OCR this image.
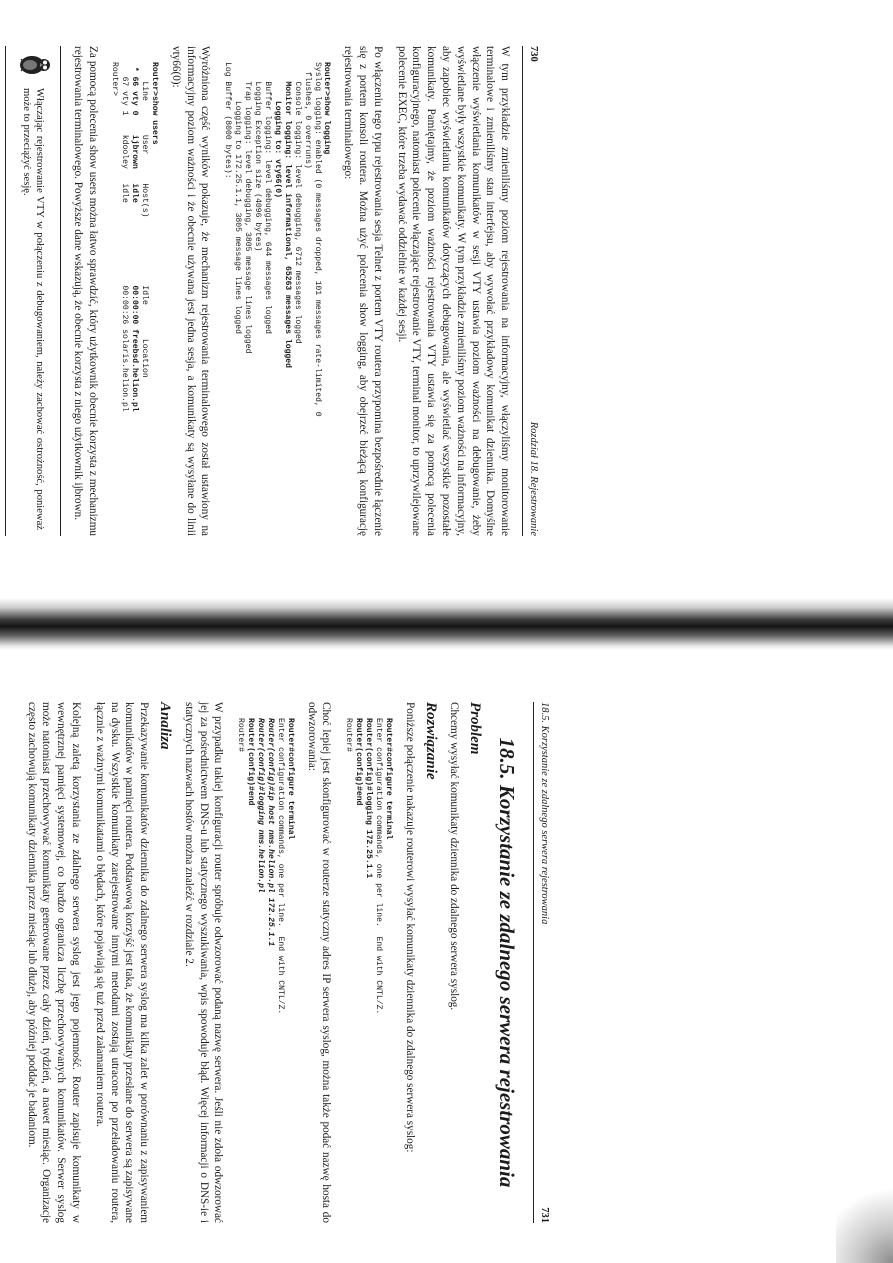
730
Rozdział 18. Rejestrowanie

W tym przykładzie zmieniliśmy poziom rejestrowania na informacyjny, włączyliśmy monitorowanie terminalowe i zmieniliśmy stan interfejsu, aby wywołać przykładowy komunikat dziennika. Domyślne włączenie wyświetlania komunikatów w sesji VTY ustawia poziom ważności na debugowanie, żeby wyświetlane były wszystkie komunikaty. W tym przykładzie zmieniliśmy poziom ważności na informacyjny, aby zapobiec wyświetlaniu komunikatów dotyczących debugowania, ale wyświetlać wszystkie pozostałe komunikaty. Pamiętajmy, że poziom ważności rejestrowania VTY ustawia się za pomocą polecenia konfiguracyjnego, natomiast polecenie włączające rejestrowanie VTY, terminal monitor, to uprzywilejowane polecenie EXEC, które trzeba wydawać oddzielnie w każdej sesji.

Po włączeniu tego typu rejestrowania sesja Telnet z portem VTY routera przypomina bezpośrednie łączenie się z portem konsoli routera. Można użyć polecenia show logging, aby obejrzeć bieżącą konfigurację rejestrowania terminalowego:

Router>show logging
Syslog logging: enabled (0 messages dropped, 101 messages rate-limited, 0
flushes, 0 overruns)
Console logging: level debugging, 6712 messages logged
Monitor logging: level informational, 65263 messages logged
Logging to: vty66(0)
Buffer logging: level debugging, 644 messages logged
Logging Exception size (4096 bytes)
Trap logging: level debugging, 3805 message lines logged
Logging to 172.25.1.1, 3805 message lines logged
Log Buffer (8000 bytes):

Wyróżniona część wyników pokazuje, że mechanizm rejestrowania terminalowego został ustawiony na informacyjny poziom ważności i że obecnie używana jest jedna sesja, a komunikaty są wysyłane do linii vty66(0):

Router>show users
Line       User      Host(s)              Idle       Location
* 66 vty 0    ijbrown   idle                 00:00:00 freebsd.helion.pl
67 vty 1    kdooley   idle                 00:00:26 solaris.helion.pl
Router>

Za pomocą polecenia show users można łatwo sprawdzić, który użytkownik obecnie korzysta z mechanizmu rejestrowania terminalowego. Powyższe dane wskazują, że obecnie korzysta z niego użytkownik ijbrown.

Włączając rejestrowanie VTY w połączeniu z debugowaniem, należy zachować ostrożność, ponieważ może to przeciążyć sesję.

18.5. Korzystanie ze zdalnego serwera rejestrowania
731
18.5. Korzystanie ze zdalnego serwera rejestrowania
Problem

Chcemy wysyłać komunikaty dziennika do zdalnego serwera syslog.

Rozwiązanie

Poniższe połączenie nakazuje routerowi wysyłać komunikaty dziennika do zdalnego serwera syslog:

Router#configure terminal
Enter configuration commands, one per line.  End with CNTL/Z.
Router(config)#logging 172.25.1.1
Router(config)#end
Router#

Choć lepiej jest skonfigurować w routerze statyczny adres IP serwera syslog, można także podać nazwę hosta do odwzorowania:

Router#configure terminal
Enter configuration commands, one per line.  End with CNTL/Z.
Router(config)#ip host nms.helion.pl 172.25.1.1
Router(config)#logging nms.helion.pl
Router(config)#end
Router#

W przypadku takiej konfiguracji router spróbuje odwzorować podaną nazwę serwera. Jeśli nie zdoła odwzorować jej za pośrednictwem DNS-u lub statycznego wyszukiwania, wpis spowoduje błąd. Więcej informacji o DNS-ie i statycznych nazwach hostów można znaleźć w rozdziale 2.

Analiza

Przekazywanie komunikatów dziennika do zdalnego serwera syslog ma kilka zalet w porównaniu z zapisywaniem komunikatów w pamięci routera. Podstawową korzyść jest taka, że komunikaty przesłane do serwera są zapisywane na dysku. Wszystkie komunikaty zarejestrowane innymi metodami zostają utracone po przeładowaniu routera, łącznie z ważnymi komunikatami o błędach, które pojawiają się tuż przed załamaniem routera.

Kolejną zaletą korzystania ze zdalnego serwera syslog jest jego pojemność. Router zapisuje komunikaty w wewnętrznej pamięci systemowej, co bardzo ogranicza liczbę przechowywanych komunikatów. Serwer syslog może natomiast przechowywać komunikaty generowane przez cały dzień, tydzień, a nawet miesiąc. Organizacje często zachowują komunikaty dziennika przez miesiąc lub dłużej, aby później poddać je badaniom.
